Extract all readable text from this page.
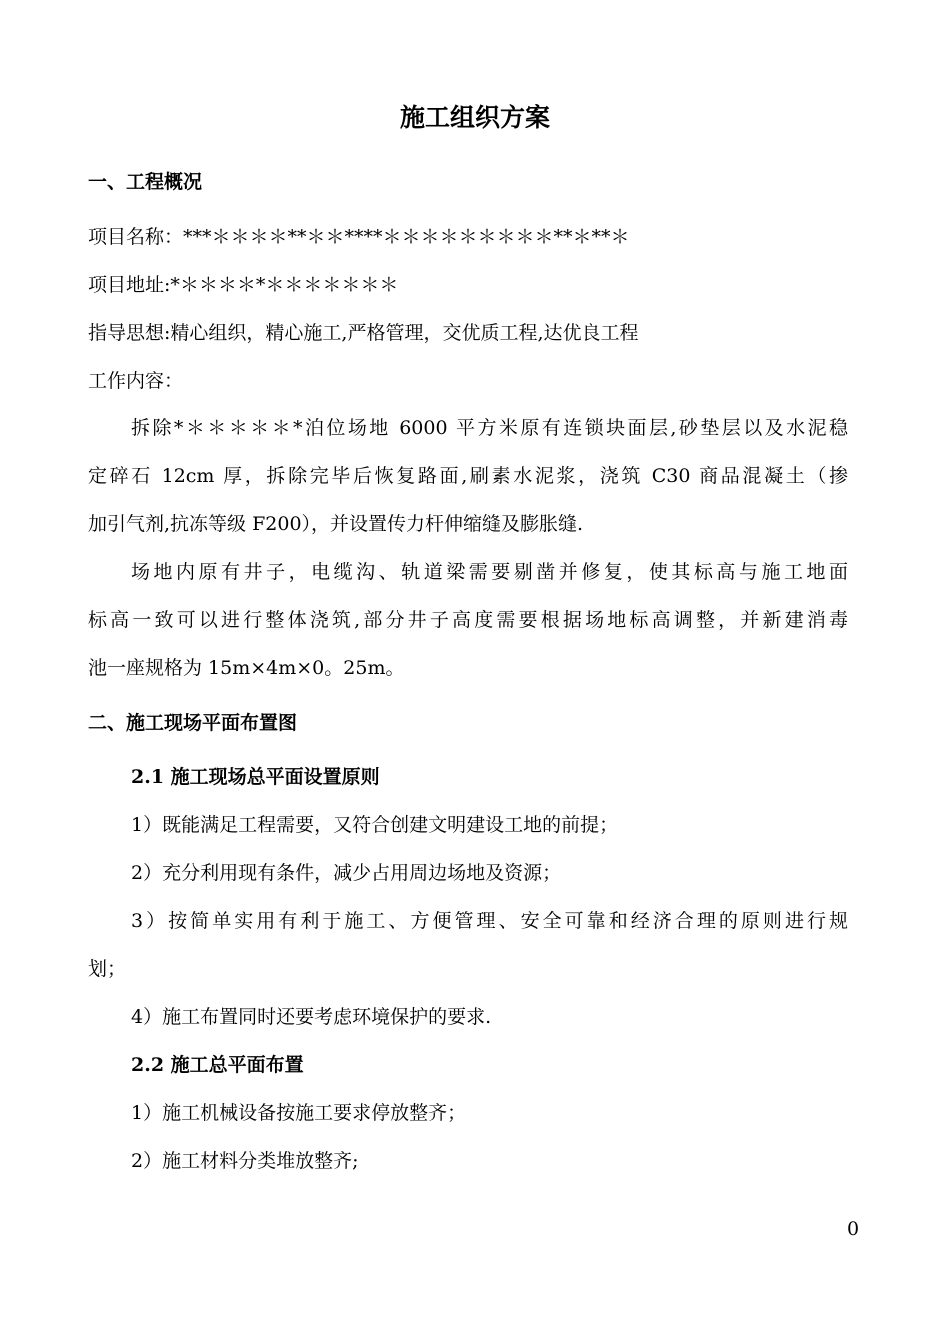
施工组织方案

一、工程概况

项目名称：***＊＊＊＊**＊＊****＊＊＊＊＊＊＊＊＊**＊**＊

项目地址:*＊＊＊＊*＊＊＊＊＊＊＊

指导思想:精心组织，精心施工,严格管理，交优质工程,达优良工程

工作内容：

拆除*＊＊＊＊＊*泊位场地 6000 平方米原有连锁块面层,砂垫层以及水泥稳

定碎石 12cm 厚，拆除完毕后恢复路面,刷素水泥浆，浇筑 C30 商品混凝土（掺

加引气剂,抗冻等级 F200），并设置传力杆伸缩缝及膨胀缝.

场地内原有井子，电缆沟、轨道梁需要剔凿并修复，使其标高与施工地面

标高一致可以进行整体浇筑,部分井子高度需要根据场地标高调整，并新建消毒

池一座规格为 15m×4m×0。25m。

二、施工现场平面布置图

2.1 施工现场总平面设置原则

1）既能满足工程需要，又符合创建文明建设工地的前提；

2）充分利用现有条件，减少占用周边场地及资源；

3）按简单实用有利于施工、方便管理、安全可靠和经济合理的原则进行规

划；

4）施工布置同时还要考虑环境保护的要求.

2.2 施工总平面布置

1）施工机械设备按施工要求停放整齐；

2）施工材料分类堆放整齐;

0
